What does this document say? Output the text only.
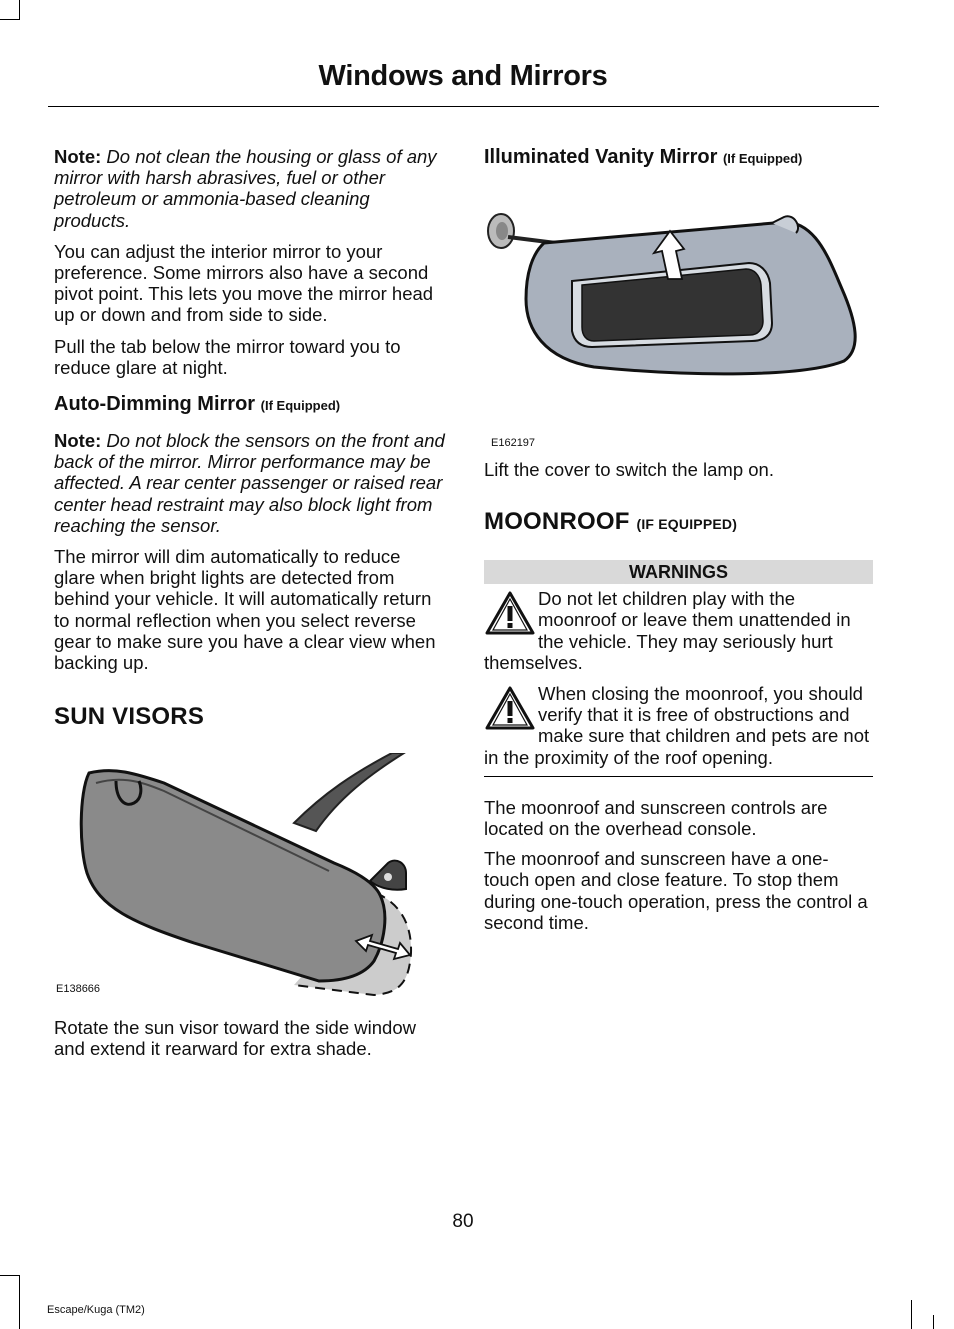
Windows and Mirrors

Note: Do not clean the housing or glass of any mirror with harsh abrasives, fuel or other petroleum or ammonia-based cleaning products.

You can adjust the interior mirror to your preference. Some mirrors also have a second pivot point. This lets you move the mirror head up or down and from side to side.

Pull the tab below the mirror toward you to reduce glare at night.

Auto-Dimming Mirror (If Equipped)

Note: Do not block the sensors on the front and back of the mirror. Mirror performance may be affected. A rear center passenger or raised rear center head restraint may also block light from reaching the sensor.

The mirror will dim automatically to reduce glare when bright lights are detected from behind your vehicle. It will automatically return to normal reflection when you select reverse gear to make sure you have a clear view when backing up.

SUN VISORS
E138666

Rotate the sun visor toward the side window and extend it rearward for extra shade.

Illuminated Vanity Mirror (If Equipped)
E162197

Lift the cover to switch the lamp on.

MOONROOF (IF EQUIPPED)
WARNINGS

Do not let children play with the moonroof or leave them unattended in the vehicle. They may seriously hurt themselves.

When closing the moonroof, you should verify that it is free of obstructions and make sure that children and pets are not in the proximity of the roof opening.

The moonroof and sunscreen controls are located on the overhead console.

The moonroof and sunscreen have a one-touch open and close feature. To stop them during one-touch operation, press the control a second time.

80
Escape/Kuga (TM2)
